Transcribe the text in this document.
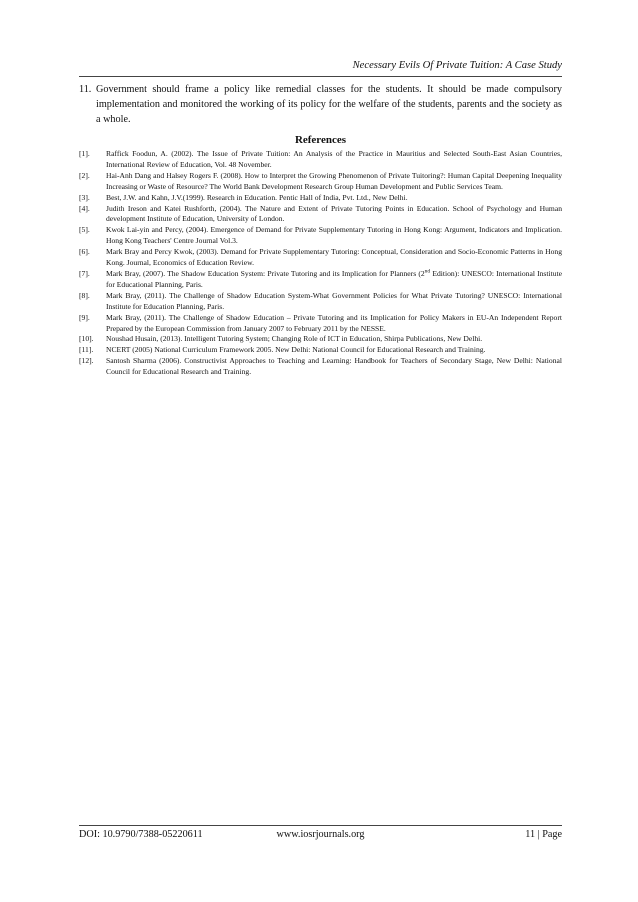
Necessary Evils Of Private Tuition: A Case Study
11. Government should frame a policy like remedial classes for the students. It should be made compulsory implementation and monitored the working of its policy for the welfare of the students, parents and the society as a whole.
References
[1].	Raffick Foodun, A. (2002). The Issue of Private Tuition: An Analysis of the Practice in Mauritius and Selected South-East Asian Countries, International Review of Education, Vol. 48 November.
[2].	Hai-Anh Dang and Halsey Rogers F. (2008). How to Interpret the Growing Phenomenon of Private Tuitoring?: Human Capital Deepening Inequality Increasing or Waste of Resource? The World Bank Development Research Group Human Development and Public Services Team.
[3].	Best, J.W. and Kahn, J.V.(1999). Research in Education. Pentic Hall of India, Pvt. Ltd., New Delhi.
[4].	Judith Ireson and Katei Rushforth, (2004). The Nature and Extent of Private Tutoring Points in Education. School of Psychology and Human development Institute of Education, University of London.
[5].	Kwok Lai-yin and Percy, (2004). Emergence of Demand for Private Supplementary Tutoring in Hong Kong: Argument, Indicators and Implication. Hong Kong Teachers' Centre Journal Vol.3.
[6].	Mark Bray and Percy Kwok, (2003). Demand for Private Supplementary Tutoring: Conceptual, Consideration and Socio-Economic Patterns in Hong Kong. Journal, Economics of Education Review.
[7].	Mark Bray, (2007). The Shadow Education System: Private Tutoring and its Implication for Planners (2nd Edition): UNESCO: International Institute for Educational Planning, Paris.
[8].	Mark Bray, (2011). The Challenge of Shadow Education System-What Government Policies for What Private Tutoring? UNESCO: International Institute for Education Planning, Paris.
[9].	Mark Bray, (2011). The Challenge of Shadow Education – Private Tutoring and its Implication for Policy Makers in EU-An Independent Report Prepared by the European Commission from January 2007 to February 2011 by the NESSE.
[10].	Noushad Husain, (2013). Intelligent Tutoring System; Changing Role of ICT in Education, Shirpa Publications, New Delhi.
[11].	NCERT (2005) National Curriculum Framework 2005. New Delhi: National Council for Educational Research and Training.
[12].	Santosh Sharma (2006). Constructivist Approaches to Teaching and Learning: Handbook for Teachers of Secondary Stage, New Delhi: National Council for Educational Research and Training.
DOI: 10.9790/7388-05220611	www.iosrjournals.org	11 | Page
